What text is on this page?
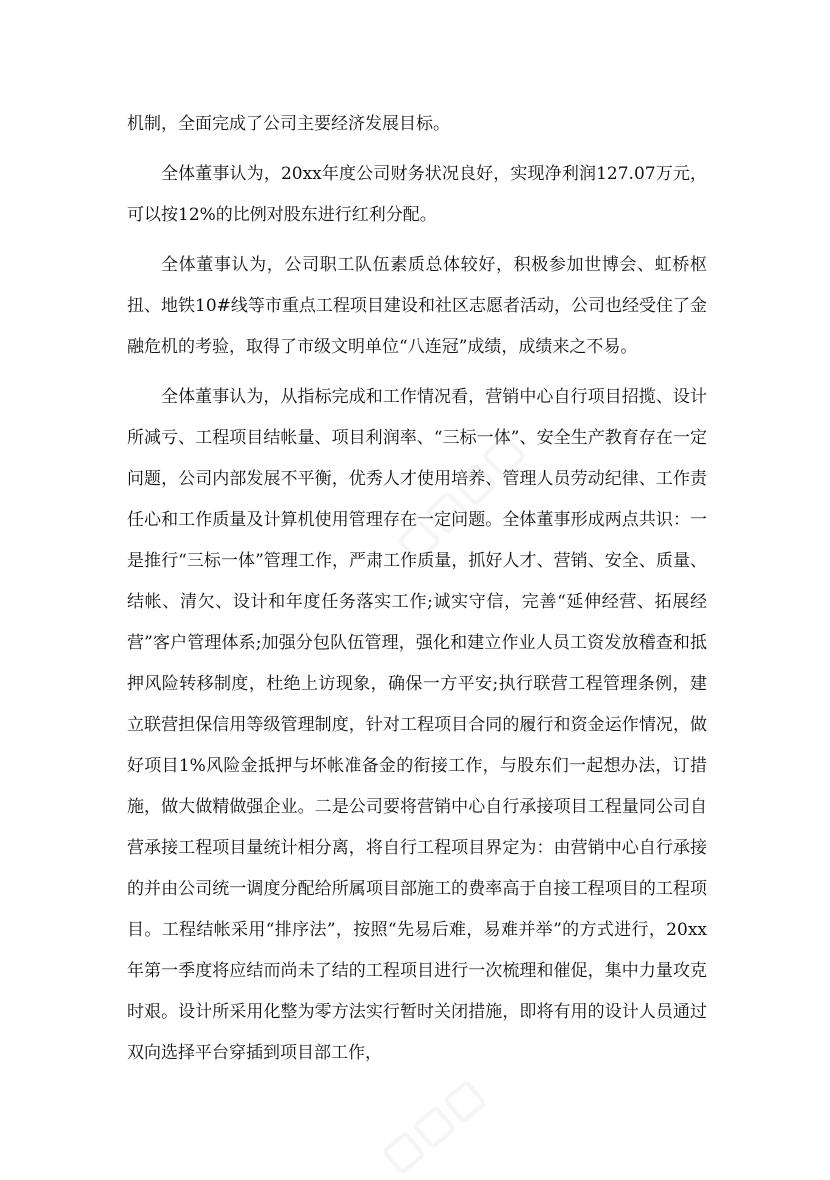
机制，全面完成了公司主要经济发展目标。

全体董事认为，20xx年度公司财务状况良好，实现净利润127.07万元，可以按12%的比例对股东进行红利分配。

全体董事认为，公司职工队伍素质总体较好，积极参加世博会、虹桥枢扭、地铁10#线等市重点工程项目建设和社区志愿者活动，公司也经受住了金融危机的考验，取得了市级文明单位“八连冠”成绩，成绩来之不易。

全体董事认为，从指标完成和工作情况看，营销中心自行项目招揽、设计所减亏、工程项目结帐量、项目利润率、“三标一体”、安全生产教育存在一定问题，公司内部发展不平衡，优秀人才使用培养、管理人员劳动纪律、工作责任心和工作质量及计算机使用管理存在一定问题。全体董事形成两点共识：一是推行“三标一体”管理工作，严肃工作质量，抓好人才、营销、安全、质量、结帐、清欠、设计和年度任务落实工作;诚实守信，完善“延伸经营、拓展经营”客户管理体系;加强分包队伍管理，强化和建立作业人员工资发放稽查和抵押风险转移制度，杜绝上访现象，确保一方平安;执行联营工程管理条例，建立联营担保信用等级管理制度，针对工程项目合同的履行和资金运作情况，做好项目1%风险金抵押与坏帐准备金的衔接工作，与股东们一起想办法，订措施，做大做精做强企业。二是公司要将营销中心自行承接项目工程量同公司自营承接工程项目量统计相分离，将自行工程项目界定为：由营销中心自行承接的并由公司统一调度分配给所属项目部施工的费率高于自接工程项目的工程项目。工程结帐采用“排序法”，按照“先易后难，易难并举”的方式进行，20xx年第一季度将应结而尚未了结的工程项目进行一次梳理和催促，集中力量攻克时艰。设计所采用化整为零方法实行暂时关闭措施，即将有用的设计人员通过双向选择平台穿插到项目部工作，
